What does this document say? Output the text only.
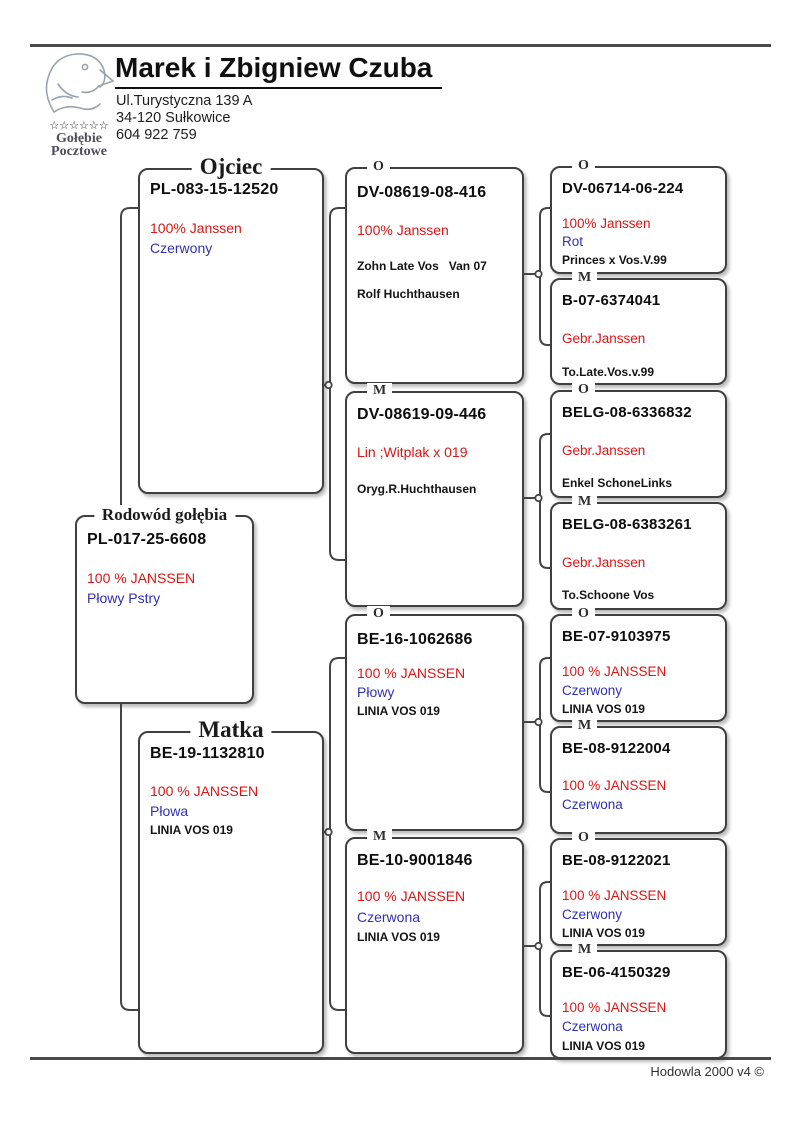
☆☆☆☆☆☆
Gołębie
Pocztowe
Marek i Zbigniew Czuba
Ul.Turystyczna 139 A
34-120 Sułkowice
604 922 759
Rodowód gołębia
PL-017-25-6608
100 % JANSSEN
Płowy Pstry
Ojciec
PL-083-15-12520
100% Janssen
Czerwony
Matka
BE-19-1132810
100 % JANSSEN
Płowa
LINIA VOS 019
O
DV-08619-08-416
100% Janssen
Zohn Late Vos   Van 07
Rolf Huchthausen
M
DV-08619-09-446
Lin ;Witplak x 019
Oryg.R.Huchthausen
O
BE-16-1062686
100 % JANSSEN
Płowy
LINIA VOS 019
M
BE-10-9001846
100 % JANSSEN
Czerwona
LINIA VOS 019
O
DV-06714-06-224
100% Janssen
Rot
Princes x Vos.V.99
M
B-07-6374041
Gebr.Janssen
To.Late.Vos.v.99
O
BELG-08-6336832
Gebr.Janssen
Enkel SchoneLinks
M
BELG-08-6383261
Gebr.Janssen
To.Schoone Vos
O
BE-07-9103975
100 % JANSSEN
Czerwony
LINIA VOS 019
M
BE-08-9122004
100 % JANSSEN
Czerwona
O
BE-08-9122021
100 % JANSSEN
Czerwony
LINIA VOS 019
M
BE-06-4150329
100 % JANSSEN
Czerwona
LINIA VOS 019
Hodowla 2000 v4 ©
